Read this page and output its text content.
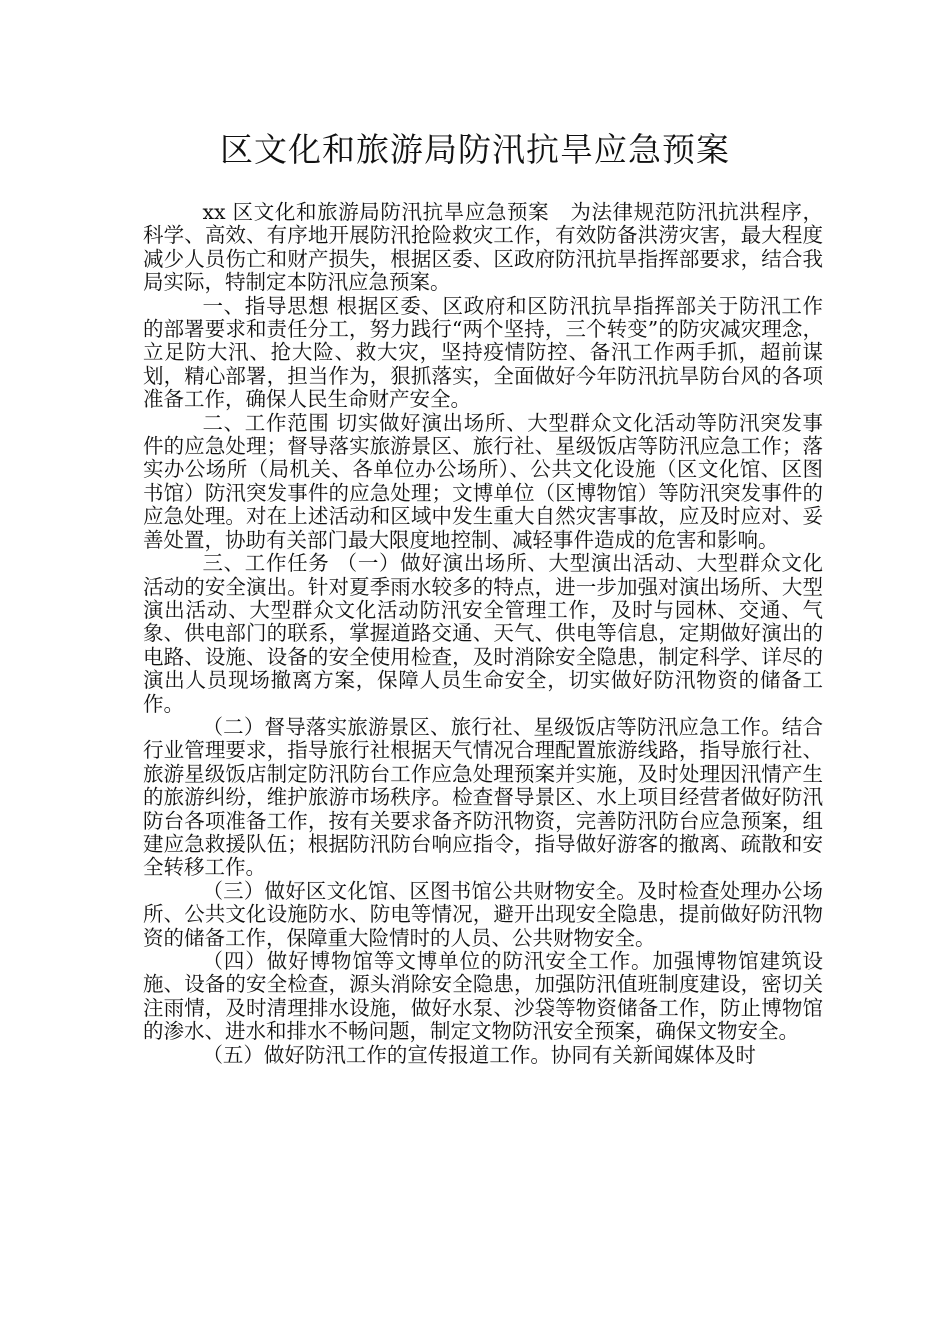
区文化和旅游局防汛抗旱应急预案

xx 区文化和旅游局防汛抗旱应急预案　为法律规范防汛抗洪程序，科学、高效、有序地开展防汛抢险救灾工作，有效防备洪涝灾害，最大程度减少人员伤亡和财产损失，根据区委、区政府防汛抗旱指挥部要求，结合我局实际，特制定本防汛应急预案。

一、指导思想 根据区委、区政府和区防汛抗旱指挥部关于防汛工作的部署要求和责任分工，努力践行“两个坚持，三个转变”的防灾减灾理念，立足防大汛、抢大险、救大灾，坚持疫情防控、备汛工作两手抓，超前谋划，精心部署，担当作为，狠抓落实，全面做好今年防汛抗旱防台风的各项准备工作，确保人民生命财产安全。

二、工作范围 切实做好演出场所、大型群众文化活动等防汛突发事件的应急处理；督导落实旅游景区、旅行社、星级饭店等防汛应急工作；落实办公场所（局机关、各单位办公场所）、公共文化设施（区文化馆、区图书馆）防汛突发事件的应急处理；文博单位（区博物馆）等防汛突发事件的应急处理。对在上述活动和区域中发生重大自然灾害事故，应及时应对、妥善处置，协助有关部门最大限度地控制、减轻事件造成的危害和影响。

三、工作任务 （一）做好演出场所、大型演出活动、大型群众文化活动的安全演出。针对夏季雨水较多的特点，进一步加强对演出场所、大型演出活动、大型群众文化活动防汛安全管理工作，及时与园林、交通、气象、供电部门的联系，掌握道路交通、天气、供电等信息，定期做好演出的电路、设施、设备的安全使用检查，及时消除安全隐患，制定科学、详尽的演出人员现场撤离方案，保障人员生命安全，切实做好防汛物资的储备工作。

（二）督导落实旅游景区、旅行社、星级饭店等防汛应急工作。结合行业管理要求，指导旅行社根据天气情况合理配置旅游线路，指导旅行社、旅游星级饭店制定防汛防台工作应急处理预案并实施，及时处理因汛情产生的旅游纠纷，维护旅游市场秩序。检查督导景区、水上项目经营者做好防汛防台各项准备工作，按有关要求备齐防汛物资，完善防汛防台应急预案，组建应急救援队伍；根据防汛防台响应指令，指导做好游客的撤离、疏散和安全转移工作。

（三）做好区文化馆、区图书馆公共财物安全。及时检查处理办公场所、公共文化设施防水、防电等情况，避开出现安全隐患，提前做好防汛物资的储备工作，保障重大险情时的人员、公共财物安全。

（四）做好博物馆等文博单位的防汛安全工作。加强博物馆建筑设施、设备的安全检查，源头消除安全隐患，加强防汛值班制度建设，密切关注雨情，及时清理排水设施，做好水泵、沙袋等物资储备工作，防止博物馆的渗水、进水和排水不畅问题，制定文物防汛安全预案，确保文物安全。

（五）做好防汛工作的宣传报道工作。协同有关新闻媒体及时
